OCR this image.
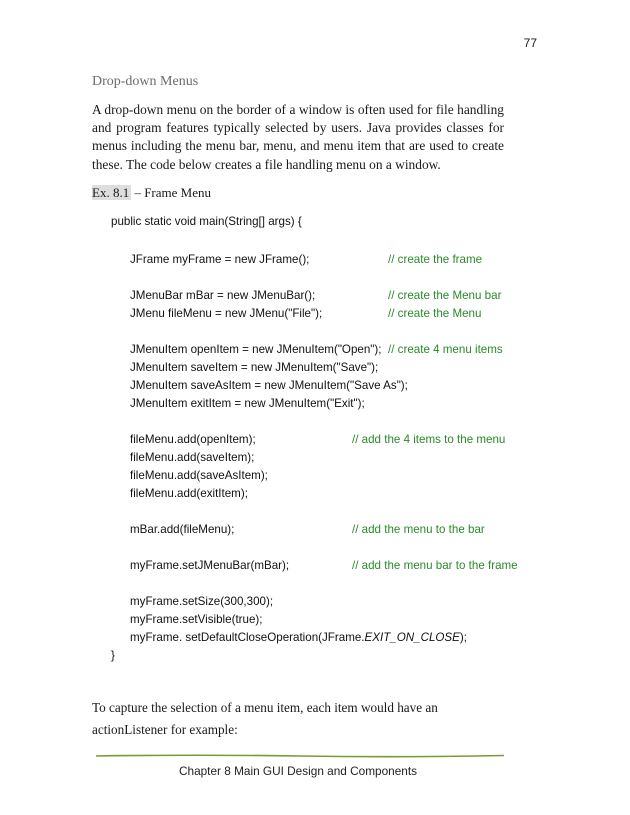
77
Drop-down Menus

A drop-down menu on the border of a window is often used for file handling and program features typically selected by users. Java provides classes for menus including the menu bar, menu, and menu item that are used to create these. The code below creates a file handling menu on a window.

Ex. 8.1 – Frame Menu
public static void main(String[] args) {
JFrame myFrame = new JFrame();	// create the frame
JMenuBar mBar = new JMenuBar();	// create the Menu bar
JMenu fileMenu = new JMenu("File");	// create the Menu
JMenuItem openItem = new JMenuItem("Open"); // create 4 menu items
JMenuItem saveItem = new JMenuItem("Save");
JMenuItem saveAsItem = new JMenuItem("Save As");
JMenuItem exitItem = new JMenuItem("Exit");
fileMenu.add(openItem);	// add the 4 items to the menu
fileMenu.add(saveItem);
fileMenu.add(saveAsItem);
fileMenu.add(exitItem);
mBar.add(fileMenu);	// add the menu to the bar
myFrame.setJMenuBar(mBar);	// add the menu bar to the frame
myFrame.setSize(300,300);
myFrame.setVisible(true);
myFrame. setDefaultCloseOperation(JFrame.EXIT_ON_CLOSE);
}

To capture the selection of a menu item, each item would have an actionListener for example:

Chapter 8 Main GUI Design and Components
